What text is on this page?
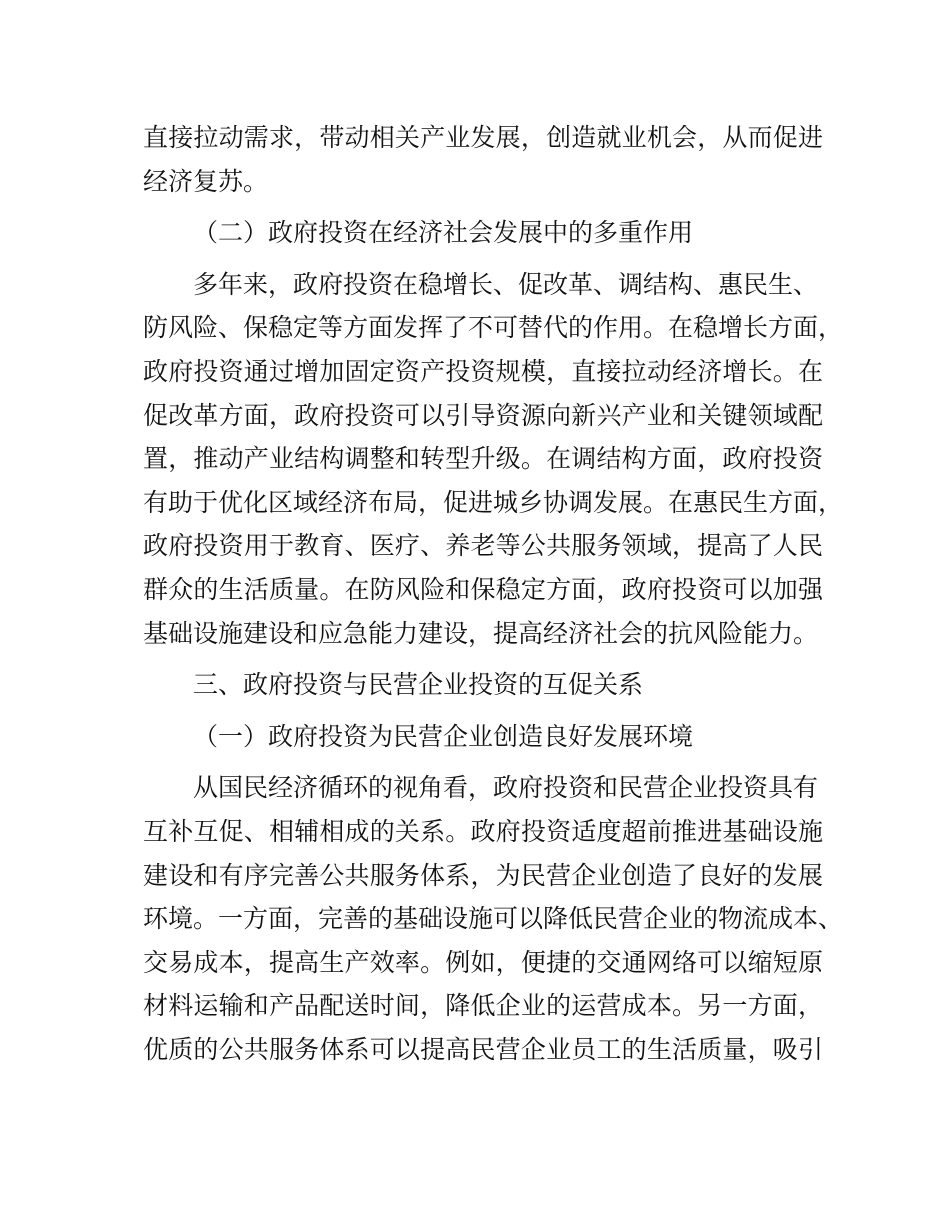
直接拉动需求，带动相关产业发展，创造就业机会，从而促进
经济复苏。
（二）政府投资在经济社会发展中的多重作用
多年来，政府投资在稳增长、促改革、调结构、惠民生、
防风险、保稳定等方面发挥了不可替代的作用。在稳增长方面，
政府投资通过增加固定资产投资规模，直接拉动经济增长。在
促改革方面，政府投资可以引导资源向新兴产业和关键领域配
置，推动产业结构调整和转型升级。在调结构方面，政府投资
有助于优化区域经济布局，促进城乡协调发展。在惠民生方面，
政府投资用于教育、医疗、养老等公共服务领域，提高了人民
群众的生活质量。在防风险和保稳定方面，政府投资可以加强
基础设施建设和应急能力建设，提高经济社会的抗风险能力。
三、政府投资与民营企业投资的互促关系
（一）政府投资为民营企业创造良好发展环境
从国民经济循环的视角看，政府投资和民营企业投资具有
互补互促、相辅相成的关系。政府投资适度超前推进基础设施
建设和有序完善公共服务体系，为民营企业创造了良好的发展
环境。一方面，完善的基础设施可以降低民营企业的物流成本、
交易成本，提高生产效率。例如，便捷的交通网络可以缩短原
材料运输和产品配送时间，降低企业的运营成本。另一方面，
优质的公共服务体系可以提高民营企业员工的生活质量，吸引
